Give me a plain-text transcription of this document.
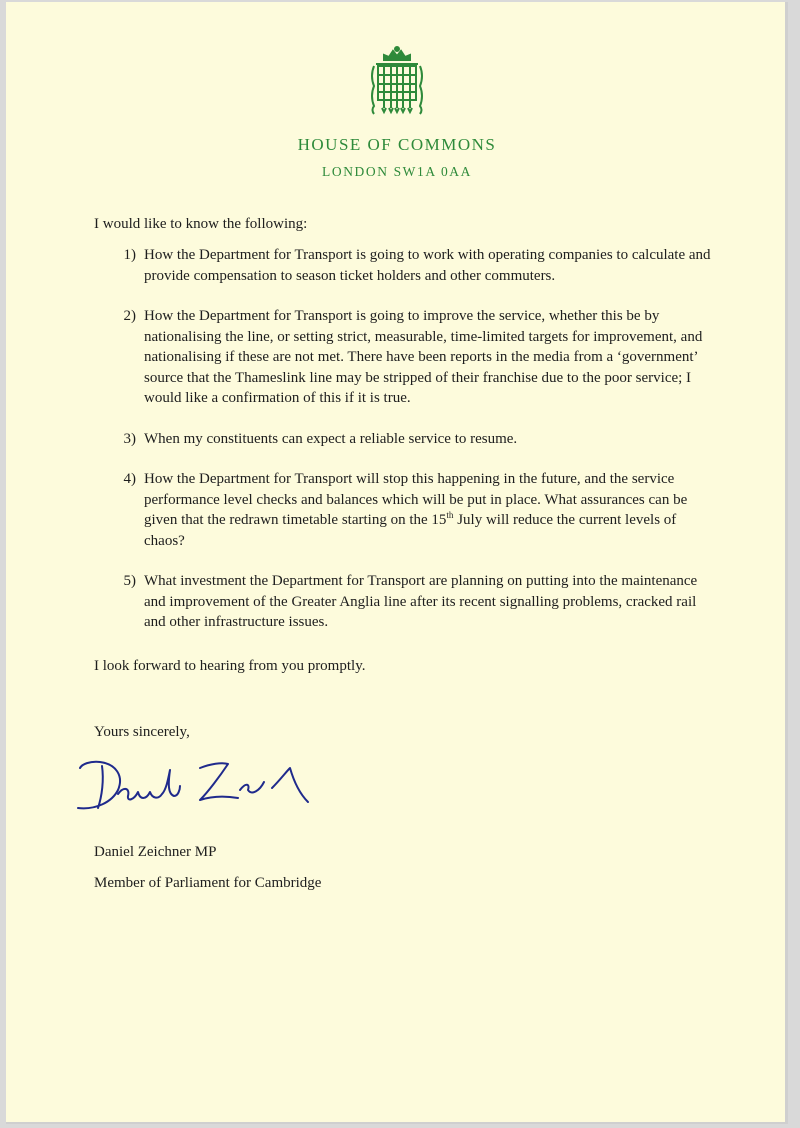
HOUSE OF COMMONS
LONDON SW1A 0AA
I would like to know the following:
1) How the Department for Transport is going to work with operating companies to calculate and provide compensation to season ticket holders and other commuters.
2) How the Department for Transport is going to improve the service, whether this be by nationalising the line, or setting strict, measurable, time-limited targets for improvement, and nationalising if these are not met. There have been reports in the media from a ‘government’ source that the Thameslink line may be stripped of their franchise due to the poor service; I would like a confirmation of this if it is true.
3) When my constituents can expect a reliable service to resume.
4) How the Department for Transport will stop this happening in the future, and the service performance level checks and balances which will be put in place. What assurances can be given that the redrawn timetable starting on the 15th July will reduce the current levels of chaos?
5) What investment the Department for Transport are planning on putting into the maintenance and improvement of the Greater Anglia line after its recent signalling problems, cracked rail and other infrastructure issues.
I look forward to hearing from you promptly.
Yours sincerely,
Daniel Zeichner MP
Member of Parliament for Cambridge
